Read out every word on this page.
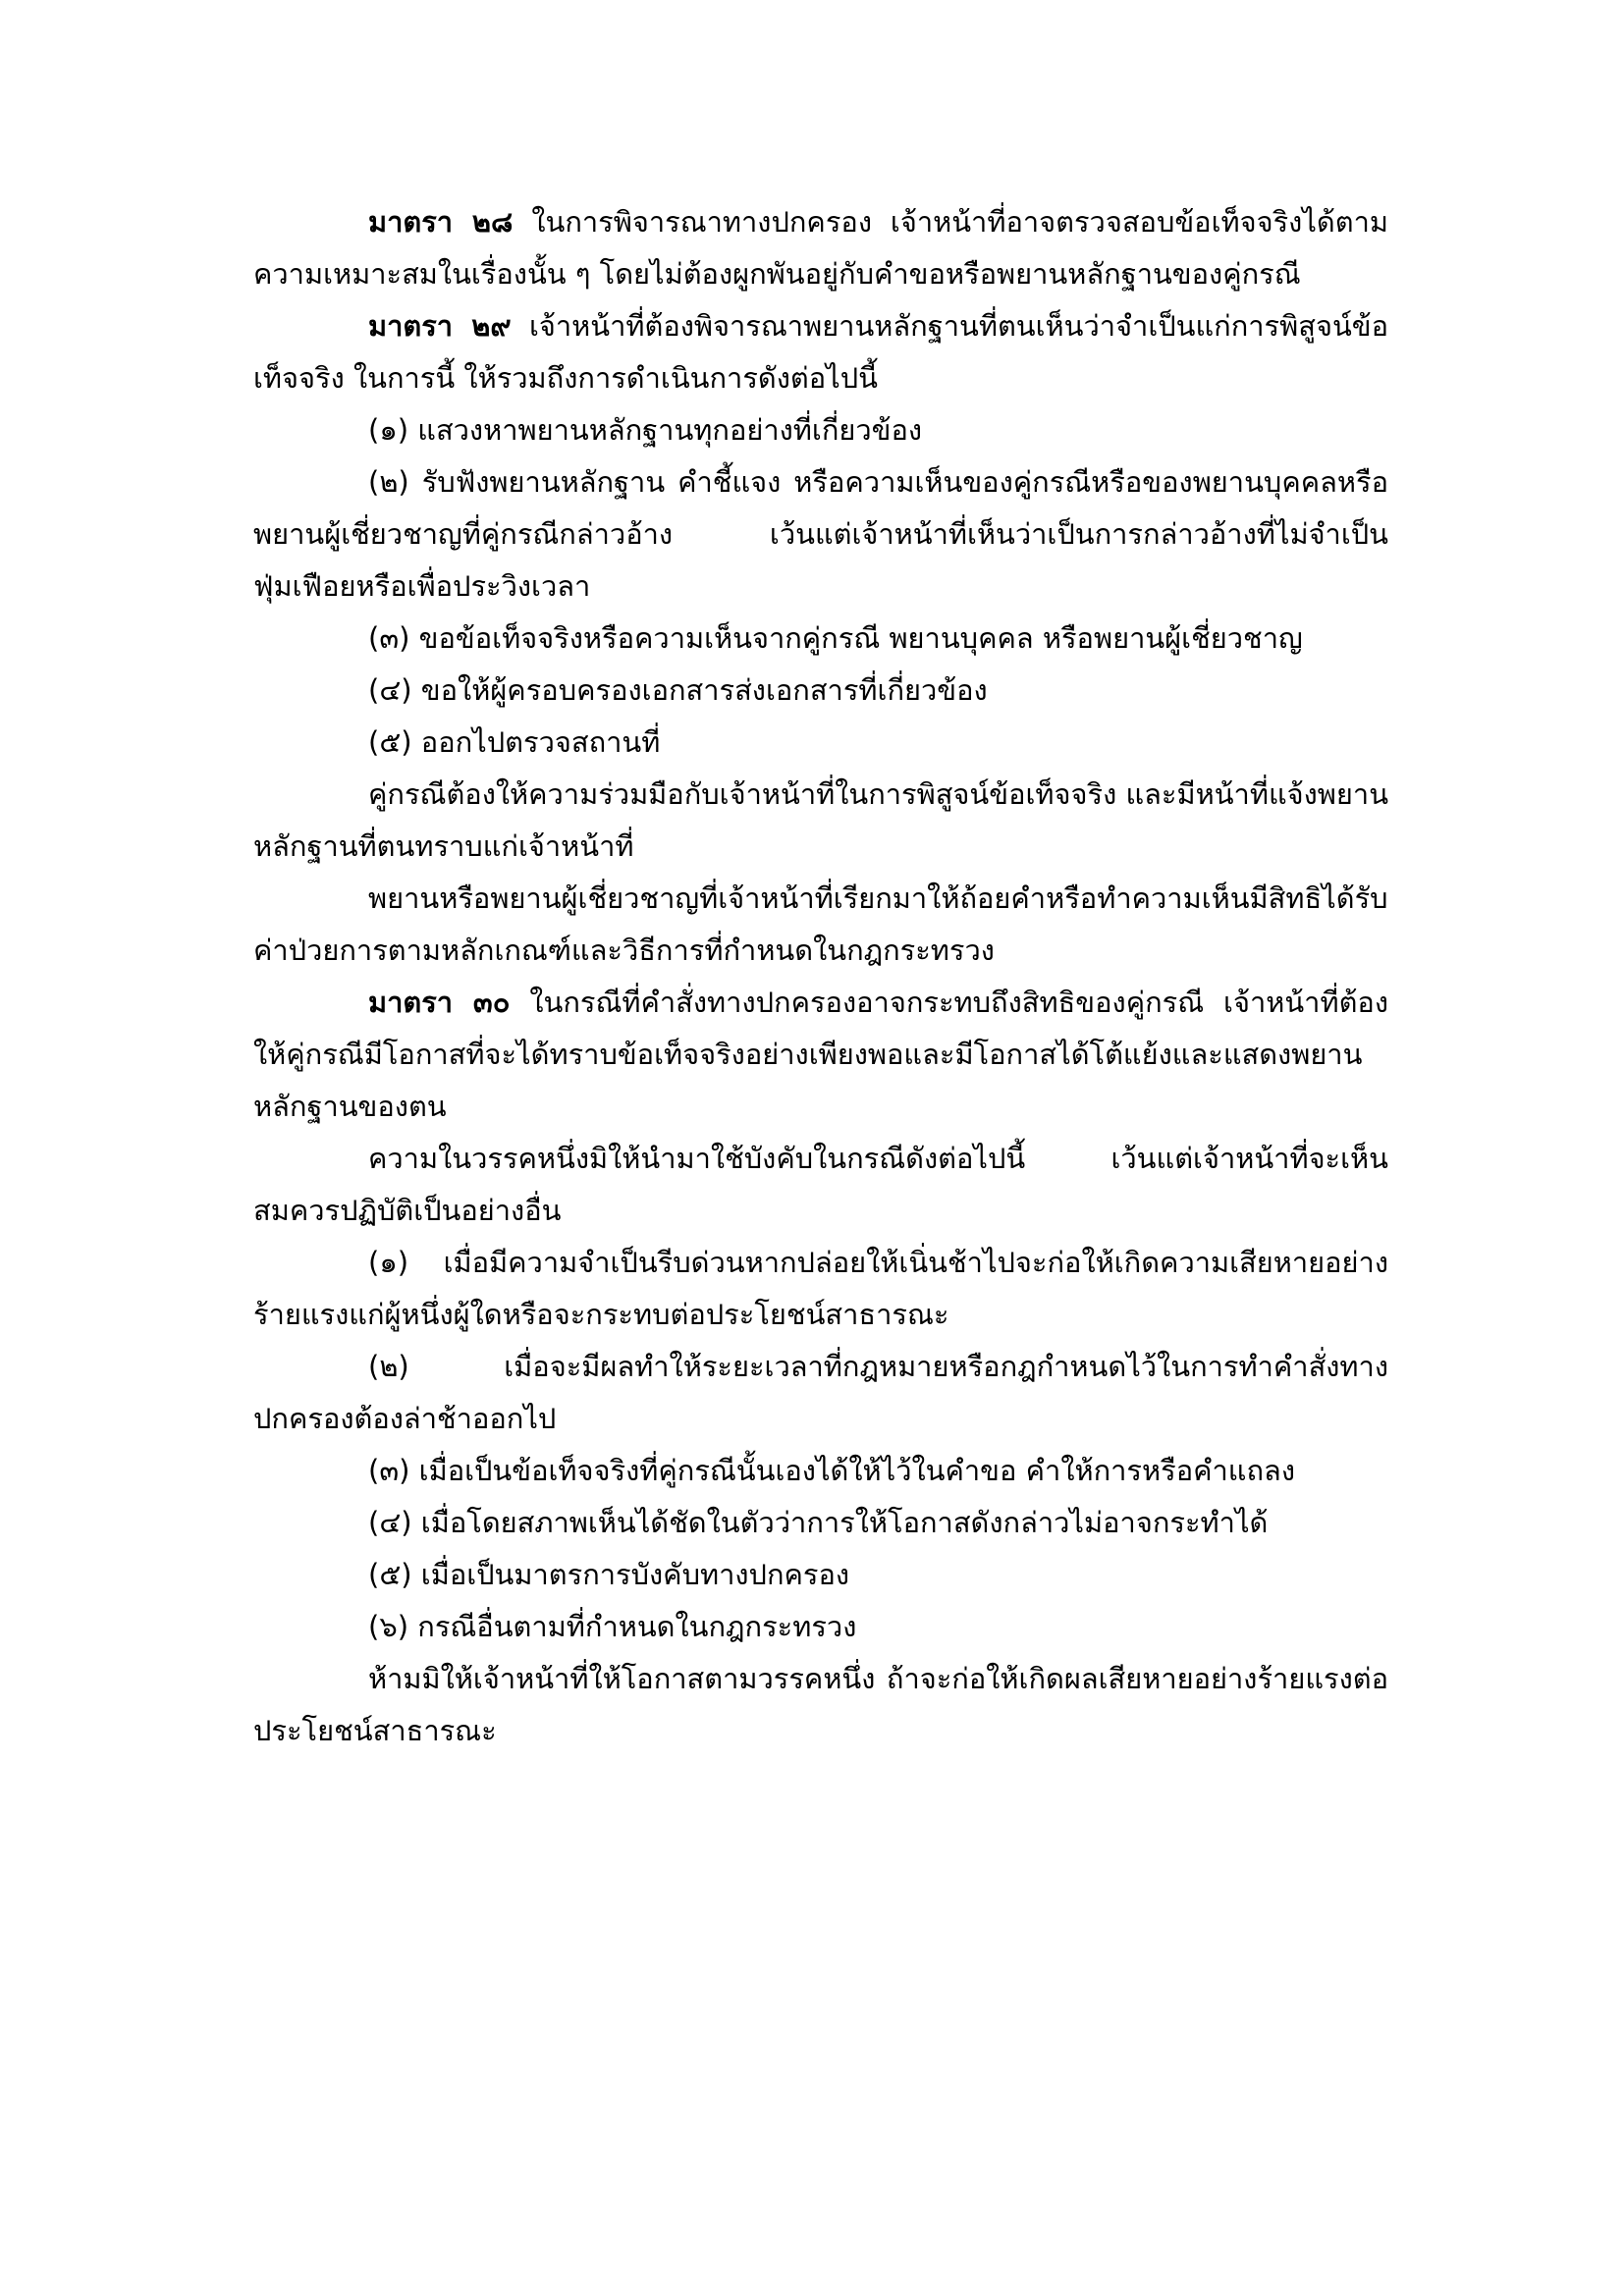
มาตรา ๒๘ ในการพิจารณาทางปกครอง เจ้าหน้าที่อาจตรวจสอบข้อเท็จจริงได้ตามความเหมาะสมในเรื่องนั้น ๆ โดยไม่ต้องผูกพันอยู่กับคำขอหรือพยานหลักฐานของคู่กรณี

มาตรา ๒๙ เจ้าหน้าที่ต้องพิจารณาพยานหลักฐานที่ตนเห็นว่าจำเป็นแก่การพิสูจน์ข้อเท็จจริง ในการนี้ ให้รวมถึงการดำเนินการดังต่อไปนี้

(๑) แสวงหาพยานหลักฐานทุกอย่างที่เกี่ยวข้อง

(๒) รับฟังพยานหลักฐาน คำชี้แจง หรือความเห็นของคู่กรณีหรือของพยานบุคคลหรือพยานผู้เชี่ยวชาญที่คู่กรณีกล่าวอ้าง เว้นแต่เจ้าหน้าที่เห็นว่าเป็นการกล่าวอ้างที่ไม่จำเป็นฟุ่มเฟือยหรือเพื่อประวิงเวลา

(๓) ขอข้อเท็จจริงหรือความเห็นจากคู่กรณี พยานบุคคล หรือพยานผู้เชี่ยวชาญ

(๔) ขอให้ผู้ครอบครองเอกสารส่งเอกสารที่เกี่ยวข้อง

(๕) ออกไปตรวจสถานที่

คู่กรณีต้องให้ความร่วมมือกับเจ้าหน้าที่ในการพิสูจน์ข้อเท็จจริง และมีหน้าที่แจ้งพยานหลักฐานที่ตนทราบแก่เจ้าหน้าที่

พยานหรือพยานผู้เชี่ยวชาญที่เจ้าหน้าที่เรียกมาให้ถ้อยคำหรือทำความเห็นมีสิทธิได้รับค่าป่วยการตามหลักเกณฑ์และวิธีการที่กำหนดในกฎกระทรวง

มาตรา ๓๐ ในกรณีที่คำสั่งทางปกครองอาจกระทบถึงสิทธิของคู่กรณี เจ้าหน้าที่ต้องให้คู่กรณีมีโอกาสที่จะได้ทราบข้อเท็จจริงอย่างเพียงพอและมีโอกาสได้โต้แย้งและแสดงพยานหลักฐานของตน

ความในวรรคหนึ่งมิให้นำมาใช้บังคับในกรณีดังต่อไปนี้ เว้นแต่เจ้าหน้าที่จะเห็นสมควรปฏิบัติเป็นอย่างอื่น

(๑) เมื่อมีความจำเป็นรีบด่วนหากปล่อยให้เนิ่นช้าไปจะก่อให้เกิดความเสียหายอย่างร้ายแรงแก่ผู้หนึ่งผู้ใดหรือจะกระทบต่อประโยชน์สาธารณะ

(๒) เมื่อจะมีผลทำให้ระยะเวลาที่กฎหมายหรือกฎกำหนดไว้ในการทำคำสั่งทางปกครองต้องล่าช้าออกไป

(๓) เมื่อเป็นข้อเท็จจริงที่คู่กรณีนั้นเองได้ให้ไว้ในคำขอ คำให้การหรือคำแถลง

(๔) เมื่อโดยสภาพเห็นได้ชัดในตัวว่าการให้โอกาสดังกล่าวไม่อาจกระทำได้

(๕) เมื่อเป็นมาตรการบังคับทางปกครอง

(๖) กรณีอื่นตามที่กำหนดในกฎกระทรวง

ห้ามมิให้เจ้าหน้าที่ให้โอกาสตามวรรคหนึ่ง ถ้าจะก่อให้เกิดผลเสียหายอย่างร้ายแรงต่อประโยชน์สาธารณะ
